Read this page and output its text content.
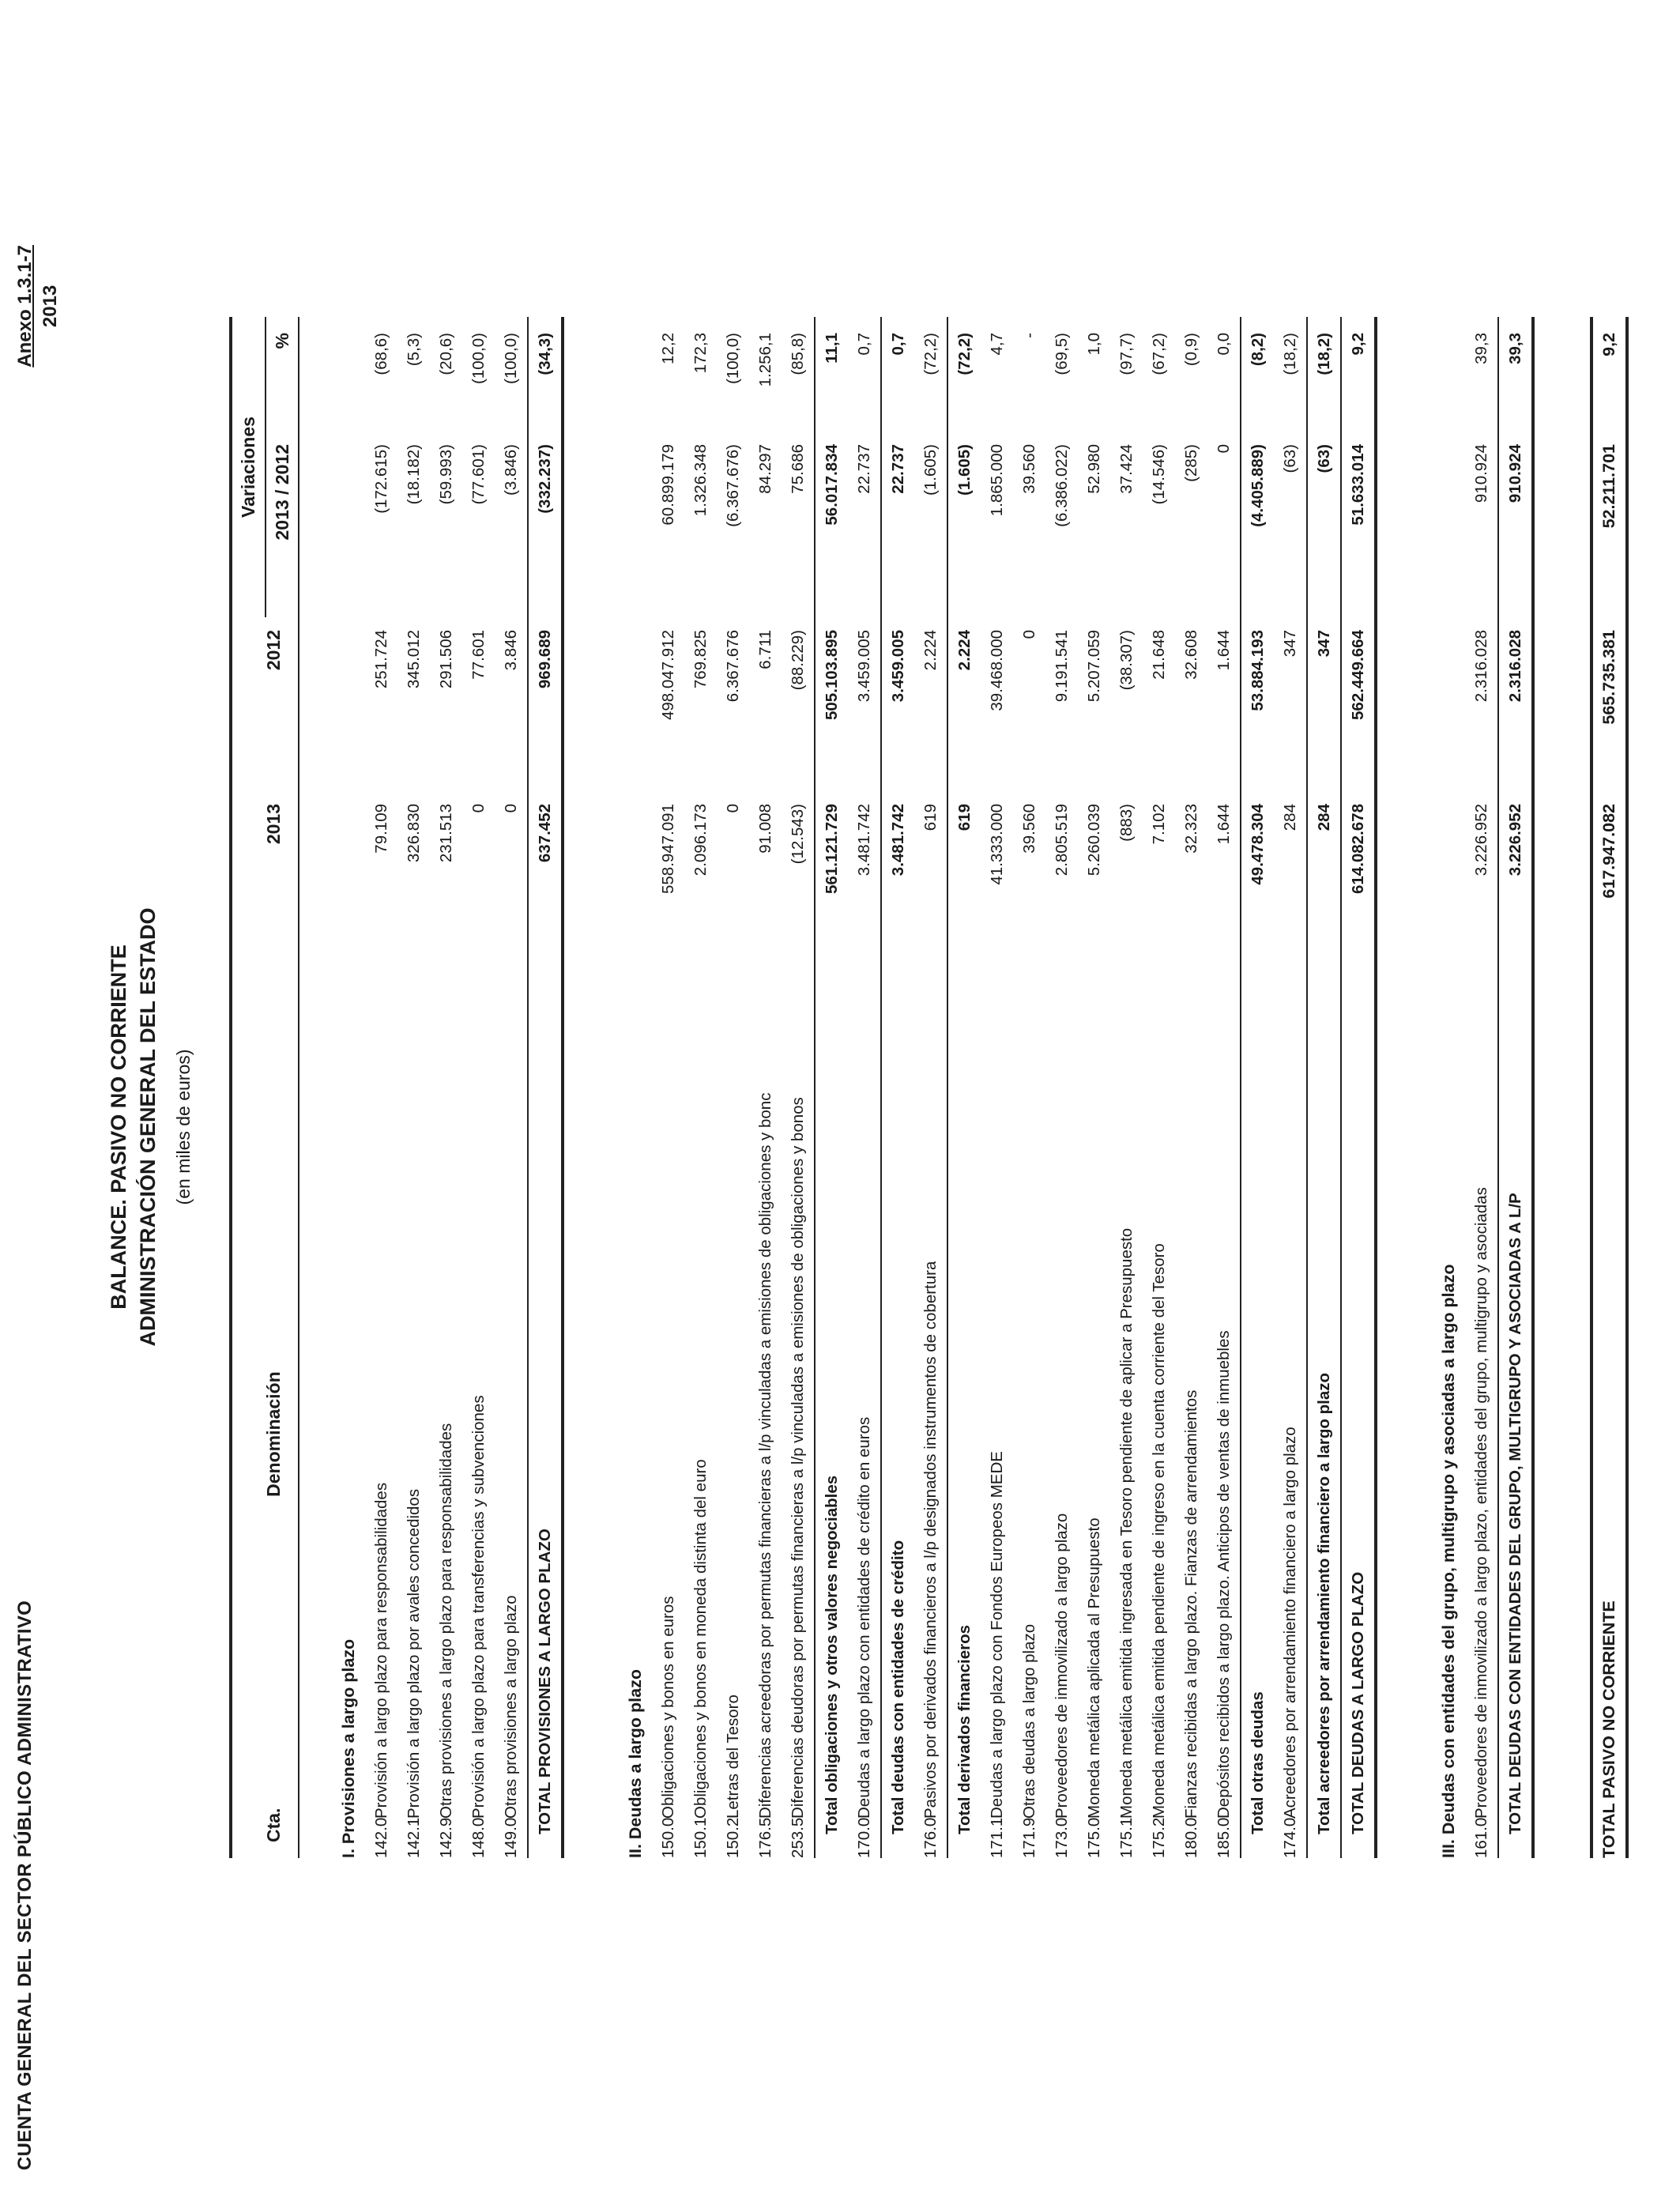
CUENTA GENERAL DEL SECTOR PÚBLICO ADMINISTRATIVO
Anexo 1.3.1-7 2013
BALANCE. PASIVO NO CORRIENTE ADMINISTRACIÓN GENERAL DEL ESTADO (en miles de euros)

Cta. Denominación	2013	2012	Variaciones	
			2013 / 2012	%

I. Provisiones a largo plazo				
142.0Provisión a largo plazo para responsabilidades	79.109	251.724	(172.615)	(68,6)
142.1Provisión a largo plazo por avales concedidos	326.830	345.012	(18.182)	(5,3)
142.9Otras provisiones a largo plazo para responsabilidades	231.513	291.506	(59.993)	(20,6)
148.0Provisión a largo plazo para transferencias y subvenciones	0	77.601	(77.601)	(100,0)
149.0Otras provisiones a largo plazo	0	3.846	(3.846)	(100,0)
TOTAL PROVISIONES A LARGO PLAZO	637.452	969.689	(332.237)	(34,3)

II. Deudas a largo plazo				
150.0Obligaciones y bonos en euros	558.947.091	498.047.912	60.899.179	12,2
150.1Obligaciones y bonos en moneda distinta del euro	2.096.173	769.825	1.326.348	172,3
150.2Letras del Tesoro	0	6.367.676	(6.367.676)	(100,0)
176.5Diferencias acreedoras por permutas financieras a l/p vinculadas a emisiones de obligaciones y bonc	91.008	6.711	84.297	1.256,1
253.5Diferencias deudoras por permutas financieras a l/p vinculadas a emisiones de obligaciones y bonos	(12.543)	(88.229)	75.686	(85,8)
Total obligaciones y otros valores negociables	561.121.729	505.103.895	56.017.834	11,1
170.0Deudas a largo plazo con entidades de crédito en euros	3.481.742	3.459.005	22.737	0,7
Total deudas con entidades de crédito	3.481.742	3.459.005	22.737	0,7
176.0Pasivos por derivados financieros a l/p designados instrumentos de cobertura	619	2.224	(1.605)	(72,2)
Total derivados financieros	619	2.224	(1.605)	(72,2)
171.1Deudas a largo plazo con Fondos Europeos MEDE	41.333.000	39.468.000	1.865.000	4,7
171.9Otras deudas a largo plazo	39.560	0	39.560	-
173.0Proveedores de inmovilizado a largo plazo	2.805.519	9.191.541	(6.386.022)	(69,5)
175.0Moneda metálica aplicada al Presupuesto	5.260.039	5.207.059	52.980	1,0
175.1Moneda metálica emitida ingresada en Tesoro pendiente de aplicar a Presupuesto	(883)	(38.307)	37.424	(97,7)
175.2Moneda metálica emitida pendiente de ingreso en la cuenta corriente del Tesoro	7.102	21.648	(14.546)	(67,2)
180.0Fianzas recibidas a largo plazo. Fianzas de arrendamientos	32.323	32.608	(285)	(0,9)
185.0Depósitos recibidos a largo plazo. Anticipos de ventas de inmuebles	1.644	1.644	0	0,0
Total otras deudas	49.478.304	53.884.193	(4.405.889)	(8,2)
174.0Acreedores por arrendamiento financiero a largo plazo	284	347	(63)	(18,2)
Total acreedores por arrendamiento financiero a largo plazo	284	347	(63)	(18,2)
TOTAL DEUDAS A LARGO PLAZO	614.082.678	562.449.664	51.633.014	9,2

III. Deudas con entidades del grupo, multigrupo y asociadas a largo plazo				
161.0Proveedores de inmovilizado a largo plazo, entidades del grupo, multigrupo y asociadas	3.226.952	2.316.028	910.924	39,3
TOTAL DEUDAS CON ENTIDADES DEL GRUPO, MULTIGRUPO Y ASOCIADAS A L/P	3.226.952	2.316.028	910.924	39,3

TOTAL PASIVO NO CORRIENTE	617.947.082	565.735.381	52.211.701	9,2
